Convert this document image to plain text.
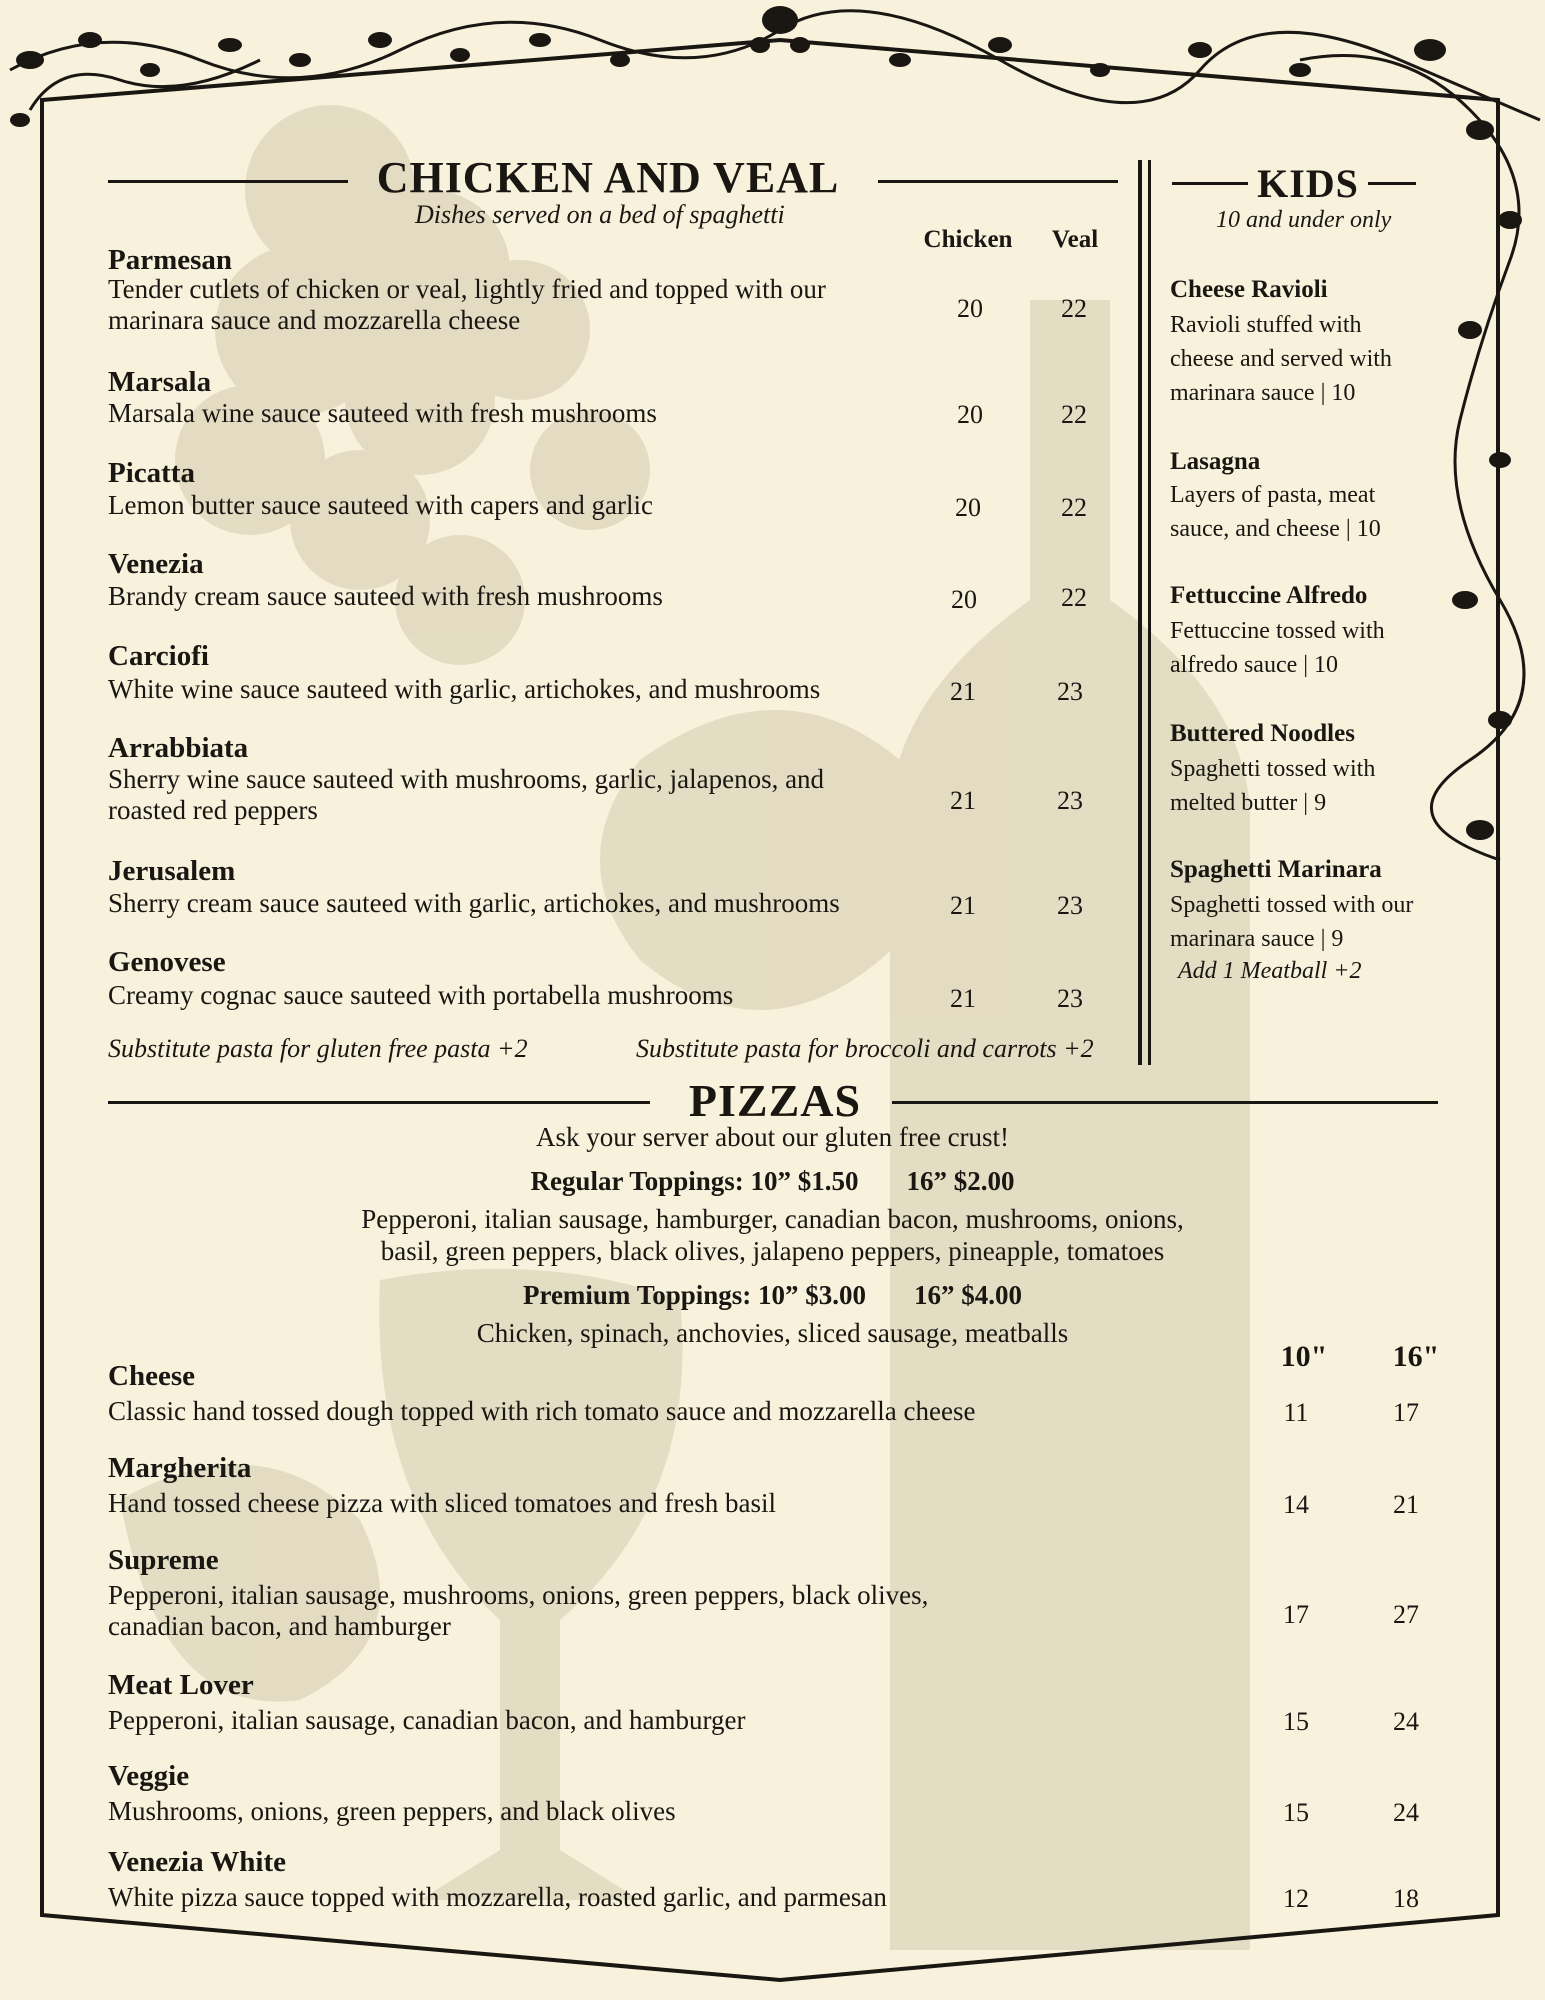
CHICKEN AND VEAL
Dishes served on a bed of spaghetti
Chicken	Veal
Parmesan
Tender cutlets of chicken or veal, lightly fried and topped with our marinara sauce and mozzarella cheese	20	22
Marsala
Marsala wine sauce sauteed with fresh mushrooms	20	22
Picatta
Lemon butter sauce sauteed with capers and garlic	20	22
Venezia
Brandy cream sauce sauteed with fresh mushrooms	20	22
Carciofi
White wine sauce sauteed with garlic, artichokes, and mushrooms	21	23
Arrabbiata
Sherry wine sauce sauteed with mushrooms, garlic, jalapenos, and roasted red peppers	21	23
Jerusalem
Sherry cream sauce sauteed with garlic, artichokes, and mushrooms	21	23
Genovese
Creamy cognac sauce sauteed with portabella mushrooms	21	23
Substitute pasta for gluten free pasta +2	Substitute pasta for broccoli and carrots +2
KIDS
10 and under only
Cheese Ravioli
Ravioli stuffed with cheese and served with marinara sauce | 10
Lasagna
Layers of pasta, meat sauce, and cheese | 10
Fettuccine Alfredo
Fettuccine tossed with alfredo sauce | 10
Buttered Noodles
Spaghetti tossed with melted butter | 9
Spaghetti Marinara
Spaghetti tossed with our marinara sauce | 9
Add 1 Meatball +2
PIZZAS
Ask your server about our gluten free crust!
Regular Toppings: 10” $1.50 16” $2.00
Pepperoni, italian sausage, hamburger, canadian bacon, mushrooms, onions,
basil, green peppers, black olives, jalapeno peppers, pineapple, tomatoes
Premium Toppings: 10” $3.00 16” $4.00
Chicken, spinach, anchovies, sliced sausage, meatballs
10"	16"
Cheese
Classic hand tossed dough topped with rich tomato sauce and mozzarella cheese	11	17
Margherita
Hand tossed cheese pizza with sliced tomatoes and fresh basil	14	21
Supreme
Pepperoni, italian sausage, mushrooms, onions, green peppers, black olives, canadian bacon, and hamburger	17	27
Meat Lover
Pepperoni, italian sausage, canadian bacon, and hamburger	15	24
Veggie
Mushrooms, onions, green peppers, and black olives	15	24
Venezia White
White pizza sauce topped with mozzarella, roasted garlic, and parmesan	12	18
